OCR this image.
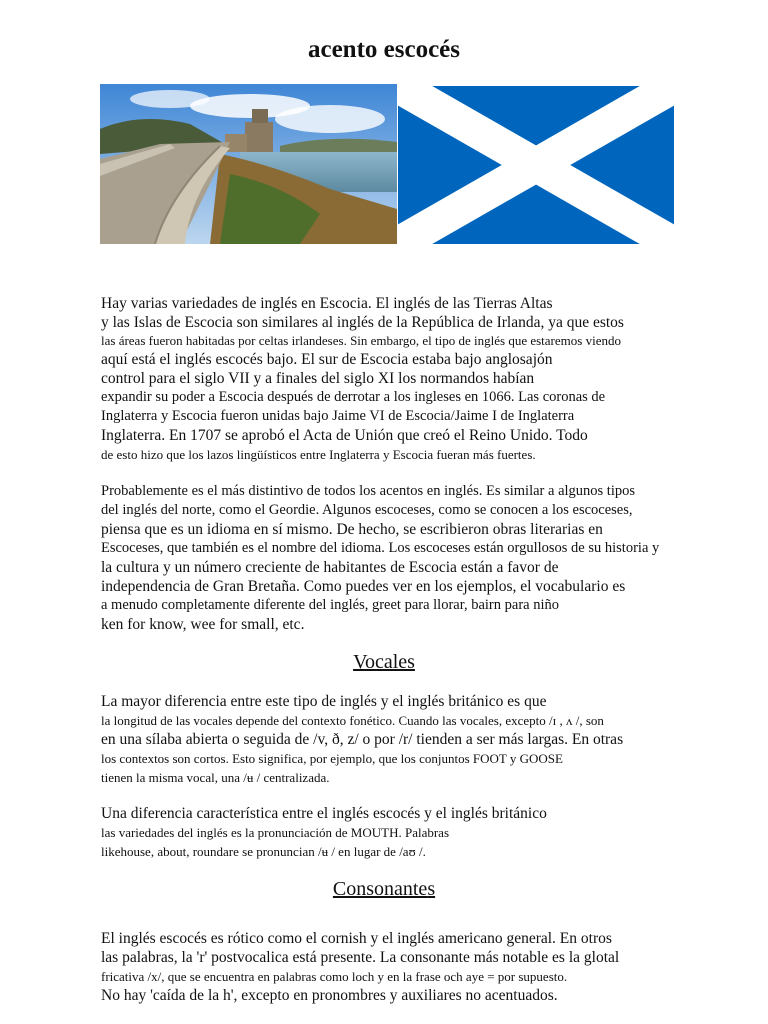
acento escocés
Hay varias variedades de inglés en Escocia. El inglés de las Tierras Altas
y las Islas de Escocia son similares al inglés de la República de Irlanda, ya que estos
las áreas fueron habitadas por celtas irlandeses. Sin embargo, el tipo de inglés que estaremos viendo
aquí está el inglés escocés bajo. El sur de Escocia estaba bajo anglosajón
control para el siglo VII y a finales del siglo XI los normandos habían
expandir su poder a Escocia después de derrotar a los ingleses en 1066. Las coronas de
Inglaterra y Escocia fueron unidas bajo Jaime VI de Escocia/Jaime I de Inglaterra
Inglaterra. En 1707 se aprobó el Acta de Unión que creó el Reino Unido. Todo
de esto hizo que los lazos lingüísticos entre Inglaterra y Escocia fueran más fuertes.
Probablemente es el más distintivo de todos los acentos en inglés. Es similar a algunos tipos
del inglés del norte, como el Geordie. Algunos escoceses, como se conocen a los escoceses,
piensa que es un idioma en sí mismo. De hecho, se escribieron obras literarias en
Escoceses, que también es el nombre del idioma. Los escoceses están orgullosos de su historia y
la cultura y un número creciente de habitantes de Escocia están a favor de
independencia de Gran Bretaña. Como puedes ver en los ejemplos, el vocabulario es
a menudo completamente diferente del inglés, greet para llorar, bairn para niño
ken for know, wee for small, etc.
Vocales
La mayor diferencia entre este tipo de inglés y el inglés británico es que
la longitud de las vocales depende del contexto fonético. Cuando las vocales, excepto /ɪ , ʌ /, son
en una sílaba abierta o seguida de /v, ð, z/ o por /r/ tienden a ser más largas. En otras
los contextos son cortos. Esto significa, por ejemplo, que los conjuntos FOOT y GOOSE
tienen la misma vocal, una /ʉ / centralizada.
Una diferencia característica entre el inglés escocés y el inglés británico
las variedades del inglés es la pronunciación de MOUTH. Palabras
likehouse, about, roundare se pronuncian /ʉ / en lugar de /aʊ /.
Consonantes
El inglés escocés es rótico como el cornish y el inglés americano general. En otros
las palabras, la 'r' postvocalica está presente. La consonante más notable es la glotal
fricativa /x/, que se encuentra en palabras como loch y en la frase och aye = por supuesto.
No hay 'caída de la h', excepto en pronombres y auxiliares no acentuados.
